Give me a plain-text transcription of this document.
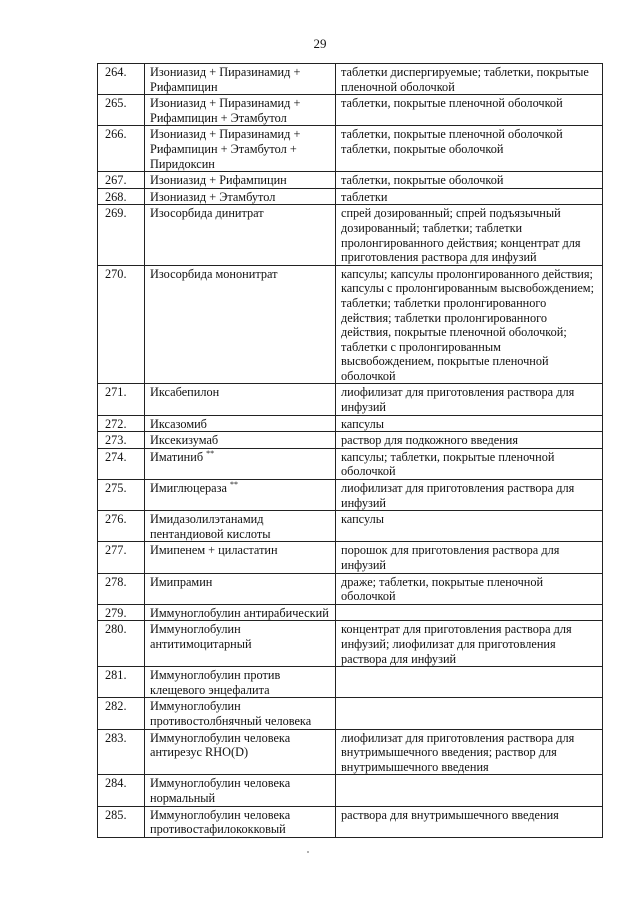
29
264.	Изониазид + Пиразинамид + Рифампицин	таблетки диспергируемые; таблетки, покрытые пленочной оболочкой
265.	Изониазид + Пиразинамид + Рифампицин + Этамбутол	таблетки, покрытые пленочной оболочкой
266.	Изониазид + Пиразинамид + Рифампицин + Этамбутол + Пиридоксин	таблетки, покрытые пленочной оболочкой таблетки, покрытые оболочкой
267.	Изониазид + Рифампицин	таблетки, покрытые оболочкой
268.	Изониазид + Этамбутол	таблетки
269.	Изосорбида динитрат	спрей дозированный; спрей подъязычный дозированный; таблетки; таблетки пролонгированного действия; концентрат для приготовления раствора для инфузий
270.	Изосорбида мононитрат	капсулы; капсулы пролонгированного действия; капсулы с пролонгированным высвобождением; таблетки; таблетки пролонгированного действия; таблетки пролонгированного действия, покрытые пленочной оболочкой; таблетки с пролонгированным высвобождением, покрытые пленочной оболочкой
271.	Иксабепилон	лиофилизат для приготовления раствора для инфузий
272.	Иксазомиб	капсулы
273.	Иксекизумаб	раствор для подкожного введения
274.	Иматиниб **	капсулы; таблетки, покрытые пленочной оболочкой
275.	Имиглюцераза **	лиофилизат для приготовления раствора для инфузий
276.	Имидазолилэтанамид пентандиовой кислоты	капсулы
277.	Имипенем + циластатин	порошок для приготовления раствора для инфузий
278.	Имипрамин	драже; таблетки, покрытые пленочной оболочкой
279.	Иммуноглобулин антирабический	
280.	Иммуноглобулин антитимоцитарный	концентрат для приготовления раствора для инфузий; лиофилизат для приготовления раствора для инфузий
281.	Иммуноглобулин против клещевого энцефалита	
282.	Иммуноглобулин противостолбнячный человека	
283.	Иммуноглобулин человека антирезус RHO(D)	лиофилизат для приготовления раствора для внутримышечного введения; раствор для внутримышечного введения
284.	Иммуноглобулин человека нормальный	
285.	Иммуноглобулин человека противостафилококковый	раствора для внутримышечного введения
